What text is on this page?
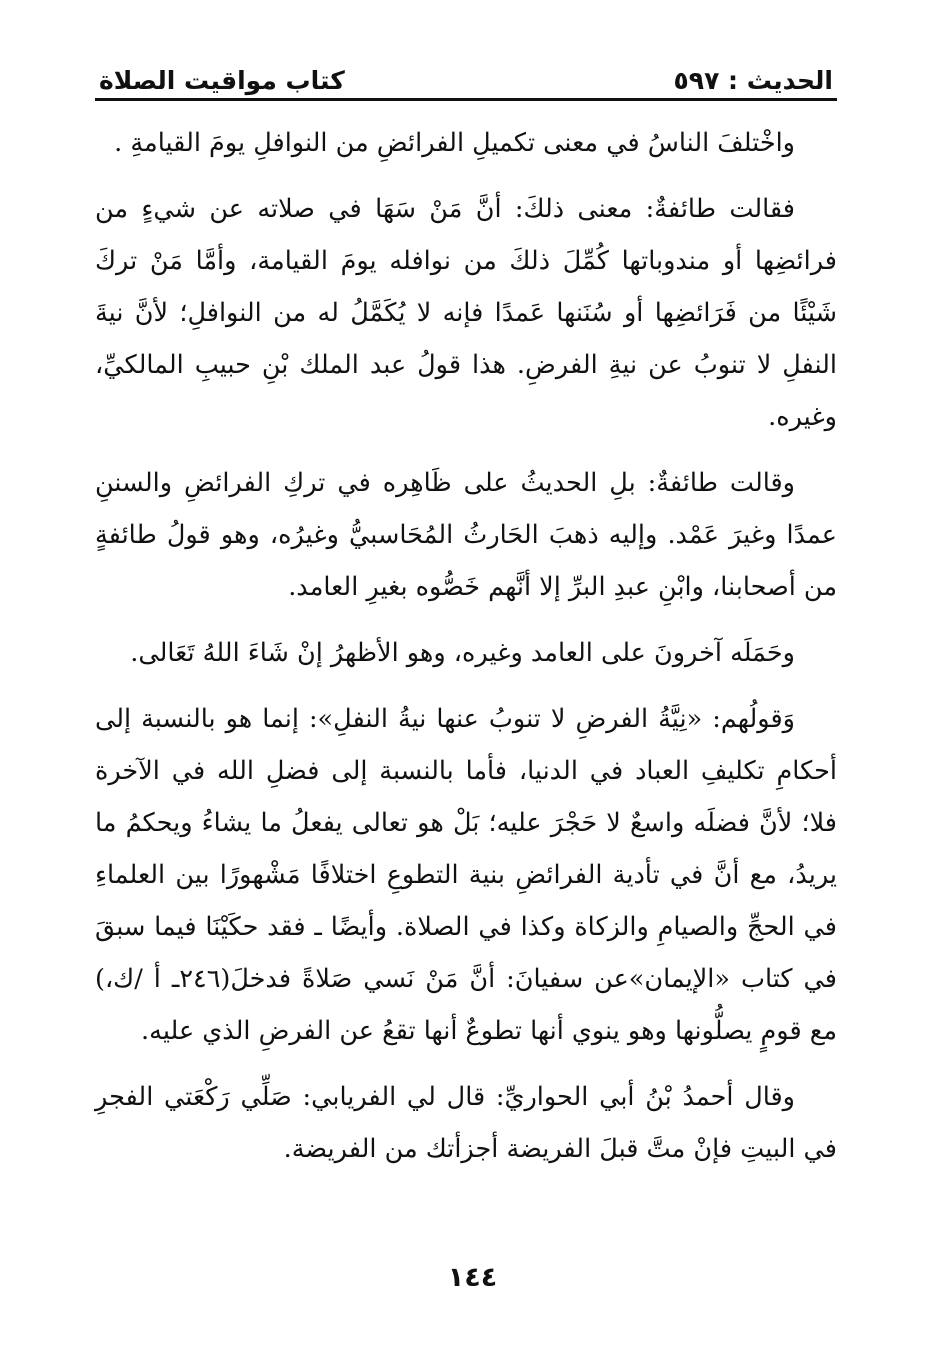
الحديث : ٥٩٧
كتاب مواقيت الصلاة

واخْتلفَ الناسُ في معنى تكميلِ الفرائضِ من النوافلِ يومَ القيامةِ .

فقالت طائفةٌ: معنى ذلكَ: أنَّ مَنْ سَهَا في صلاته عن شيءٍ من فرائضِها أو مندوباتها كُمِّلَ ذلكَ من نوافله يومَ القيامة، وأمَّا مَنْ تركَ شَيْئًا من فَرَائضِها أو سُنَنها عَمدًا فإنه لا يُكَمَّلُ له من النوافلِ؛ لأنَّ نيةَ النفلِ لا تنوبُ عن نيةِ الفرضِ. هذا قولُ عبد الملك بْنِ حبيبِ المالكيِّ، وغيره.

وقالت طائفةٌ: بلِ الحديثُ على ظَاهِره في تركِ الفرائضِ والسننِ عمدًا وغيرَ عَمْد. وإليه ذهبَ الحَارثُ المُحَاسبيُّ وغيرُه، وهو قولُ طائفةٍ من أصحابنا، وابْنِ عبدِ البرِّ إلا أنَّهم خَصُّوه بغيرِ العامد.

وحَمَلَه آخرونَ على العامد وغيره، وهو الأظهرُ إنْ شَاءَ اللهُ تَعَالى.

وَقولُهم: «نِيَّةُ الفرضِ لا تنوبُ عنها نيةُ النفلِ»: إنما هو بالنسبة إلى أحكامِ تكليفِ العباد في الدنيا، فأما بالنسبة إلى فضلِ الله في الآخرة فلا؛ لأنَّ فضلَه واسعٌ لا حَجْرَ عليه؛ بَلْ هو تعالى يفعلُ ما يشاءُ ويحكمُ ما يريدُ، مع أنَّ في تأدية الفرائضِ بنية التطوعِ اختلافًا مَشْهورًا بين العلماءِ في الحجِّ والصيامِ والزكاة وكذا في الصلاة. وأيضًا ـ فقد حكَيْنَا فيما سبقَ في كتاب «الإيمان»عن سفيانَ: أنَّ مَنْ نَسي صَلاةً فدخلَ(٢٤٦ـ أ /ك،) مع قومٍ يصلُّونها وهو ينوي أنها تطوعٌ أنها تقعُ عن الفرضِ الذي عليه.

وقال أحمدُ بْنُ أبي الحواريِّ: قال لي الفريابي: صَلِّي رَكْعَتي الفجرِ في البيتِ فإنْ متَّ قبلَ الفريضة أجزأتك من الفريضة.

١٤٤
